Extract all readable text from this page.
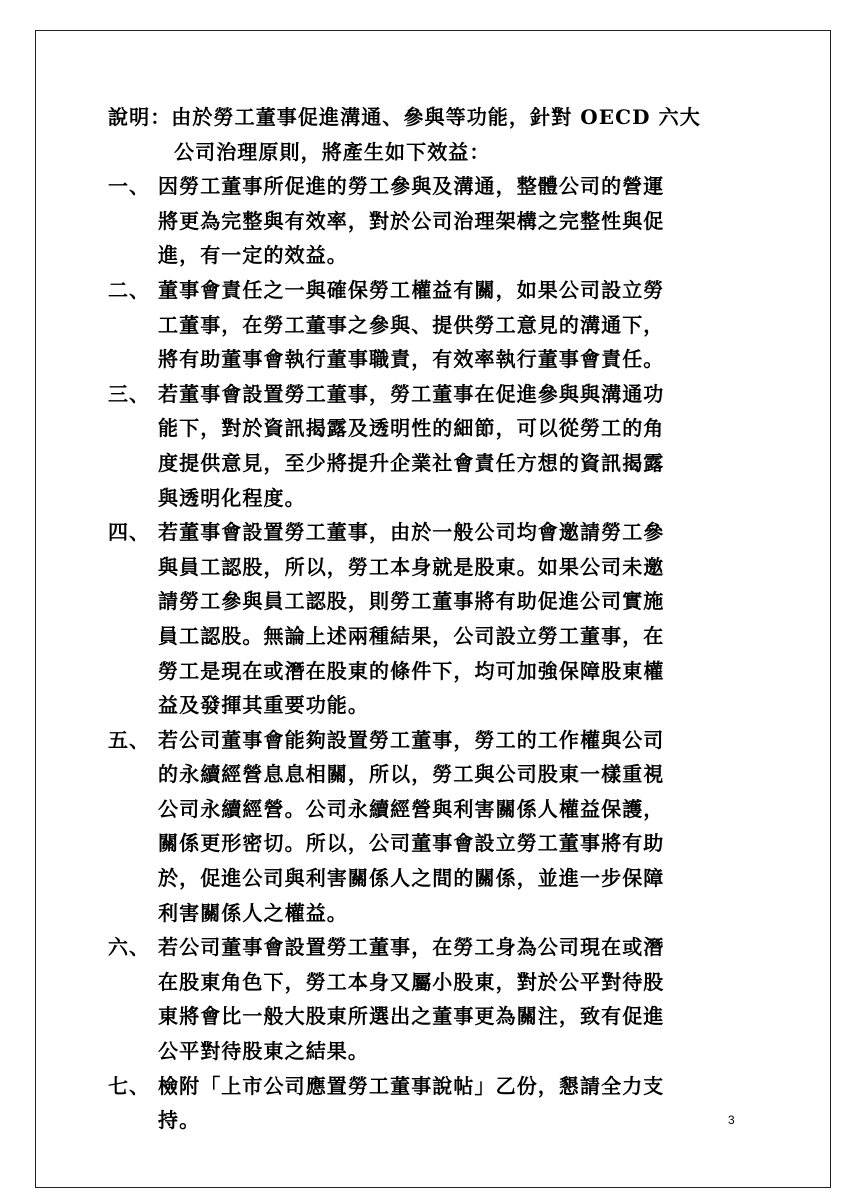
說明：由於勞工董事促進溝通、參與等功能，針對 OECD 六大
公司治理原則，將產生如下效益：
一、 因勞工董事所促進的勞工參與及溝通，整體公司的營運
將更為完整與有效率，對於公司治理架構之完整性與促
進，有一定的效益。
二、 董事會責任之一與確保勞工權益有關，如果公司設立勞
工董事，在勞工董事之參與、提供勞工意見的溝通下，
將有助董事會執行董事職責，有效率執行董事會責任。
三、 若董事會設置勞工董事，勞工董事在促進參與與溝通功
能下，對於資訊揭露及透明性的細節，可以從勞工的角
度提供意見，至少將提升企業社會責任方想的資訊揭露
與透明化程度。
四、 若董事會設置勞工董事，由於一般公司均會邀請勞工參
與員工認股，所以，勞工本身就是股東。如果公司未邀
請勞工參與員工認股，則勞工董事將有助促進公司實施
員工認股。無論上述兩種結果，公司設立勞工董事，在
勞工是現在或潛在股東的條件下，均可加強保障股東權
益及發揮其重要功能。
五、 若公司董事會能夠設置勞工董事，勞工的工作權與公司
的永續經營息息相關，所以，勞工與公司股東一樣重視
公司永續經營。公司永續經營與利害關係人權益保護，
關係更形密切。所以，公司董事會設立勞工董事將有助
於，促進公司與利害關係人之間的關係，並進一步保障
利害關係人之權益。
六、 若公司董事會設置勞工董事，在勞工身為公司現在或潛
在股東角色下，勞工本身又屬小股東，對於公平對待股
東將會比一般大股東所選出之董事更為關注，致有促進
公平對待股東之結果。
七、 檢附「上市公司應置勞工董事說帖」乙份，懇請全力支
持。	3
